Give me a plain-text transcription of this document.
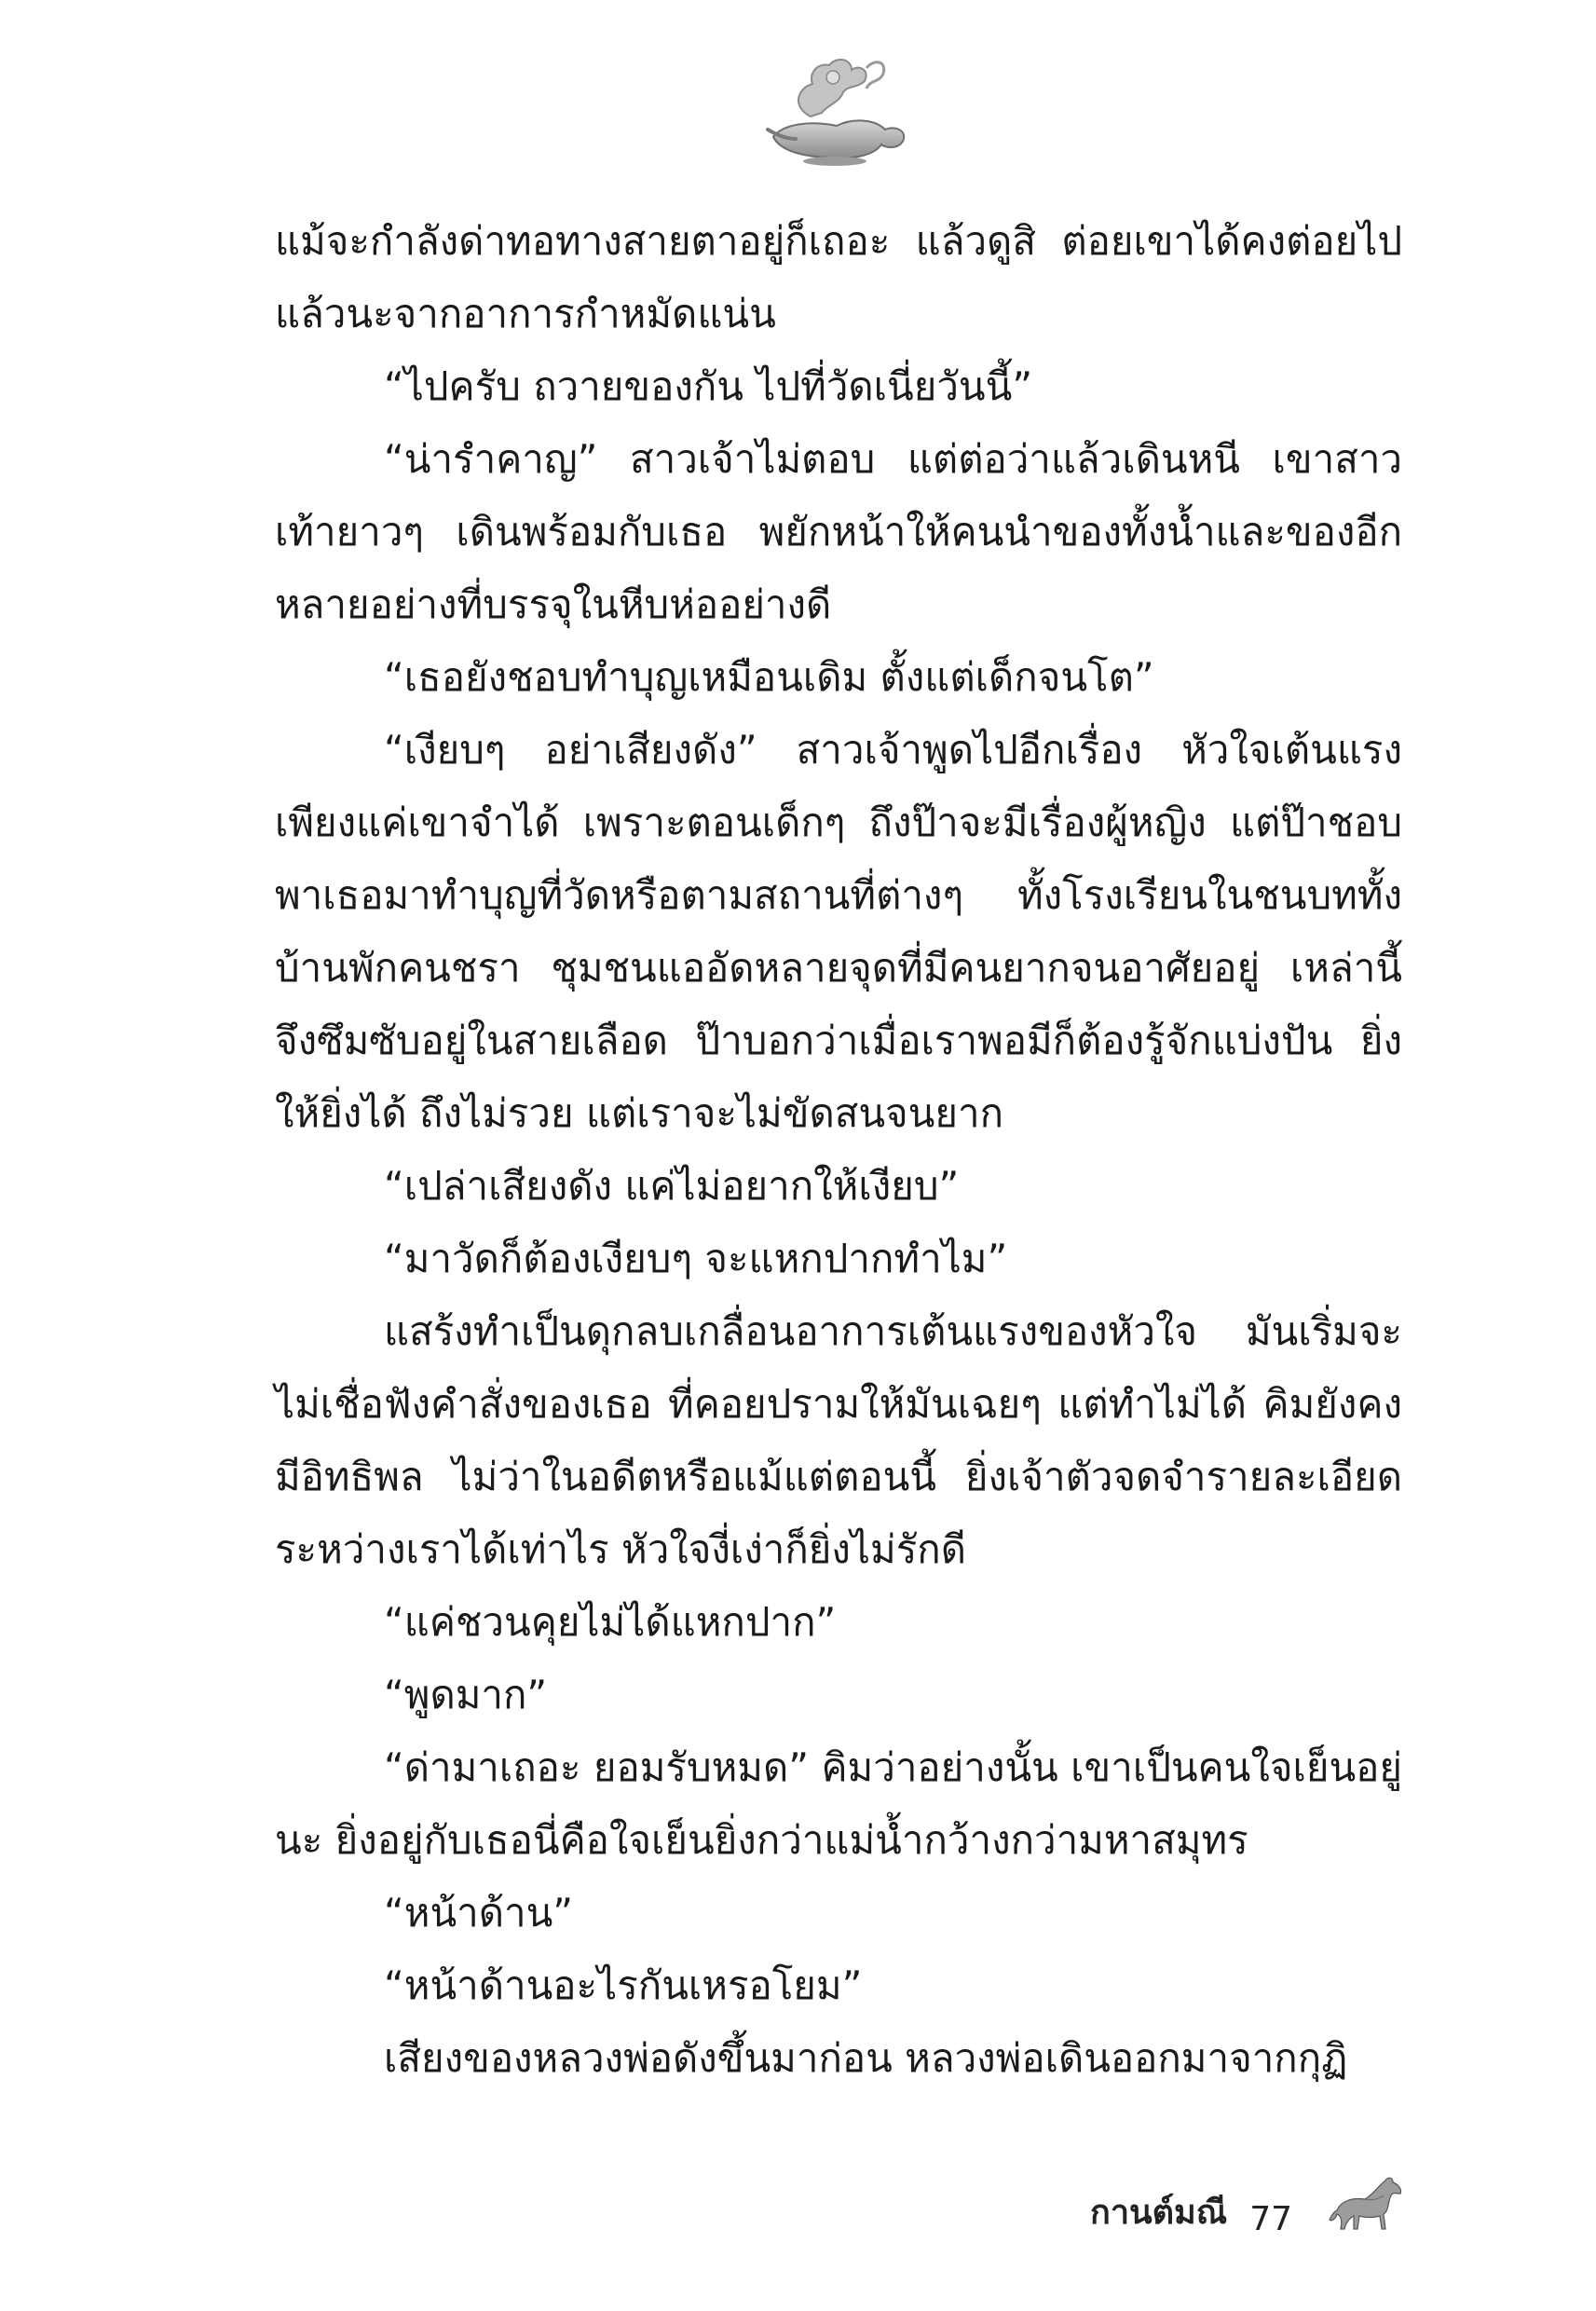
แม้จะกำลังด่าทอทางสายตาอยู่ก็เถอะ แล้วดูสิ ต่อยเขาได้คงต่อยไปแล้วนะจากอาการกำหมัดแน่น

“ไปครับ ถวายของกัน ไปที่วัดเนี่ยวันนี้”

“น่ารำคาญ” สาวเจ้าไม่ตอบ แต่ต่อว่าแล้วเดินหนี เขาสาวเท้ายาวๆ เดินพร้อมกับเธอ พยักหน้าให้คนนำของทั้งน้ำและของอีกหลายอย่างที่บรรจุในหีบห่ออย่างดี

“เธอยังชอบทำบุญเหมือนเดิม ตั้งแต่เด็กจนโต”

“เงียบๆ อย่าเสียงดัง” สาวเจ้าพูดไปอีกเรื่อง หัวใจเต้นแรงเพียงแค่เขาจำได้ เพราะตอนเด็กๆ ถึงป๊าจะมีเรื่องผู้หญิง แต่ป๊าชอบพาเธอมาทำบุญที่วัดหรือตามสถานที่ต่างๆ ทั้งโรงเรียนในชนบททั้งบ้านพักคนชรา ชุมชนแออัดหลายจุดที่มีคนยากจนอาศัยอยู่ เหล่านี้จึงซึมซับอยู่ในสายเลือด ป๊าบอกว่าเมื่อเราพอมีก็ต้องรู้จักแบ่งปัน ยิ่งให้ยิ่งได้ ถึงไม่รวย แต่เราจะไม่ขัดสนจนยาก

“เปล่าเสียงดัง แค่ไม่อยากให้เงียบ”

“มาวัดก็ต้องเงียบๆ จะแหกปากทำไม”

แสร้งทำเป็นดุกลบเกลื่อนอาการเต้นแรงของหัวใจ มันเริ่มจะไม่เชื่อฟังคำสั่งของเธอ ที่คอยปรามให้มันเฉยๆ แต่ทำไม่ได้ คิมยังคงมีอิทธิพล ไม่ว่าในอดีตหรือแม้แต่ตอนนี้ ยิ่งเจ้าตัวจดจำรายละเอียดระหว่างเราได้เท่าไร หัวใจงี่เง่าก็ยิ่งไม่รักดี

“แค่ชวนคุยไม่ได้แหกปาก”

“พูดมาก”

“ด่ามาเถอะ ยอมรับหมด” คิมว่าอย่างนั้น เขาเป็นคนใจเย็นอยู่นะ ยิ่งอยู่กับเธอนี่คือใจเย็นยิ่งกว่าแม่น้ำกว้างกว่ามหาสมุทร

“หน้าด้าน”

“หน้าด้านอะไรกันเหรอโยม”

เสียงของหลวงพ่อดังขึ้นมาก่อน หลวงพ่อเดินออกมาจากกุฏิ

กานต์มณี 77
